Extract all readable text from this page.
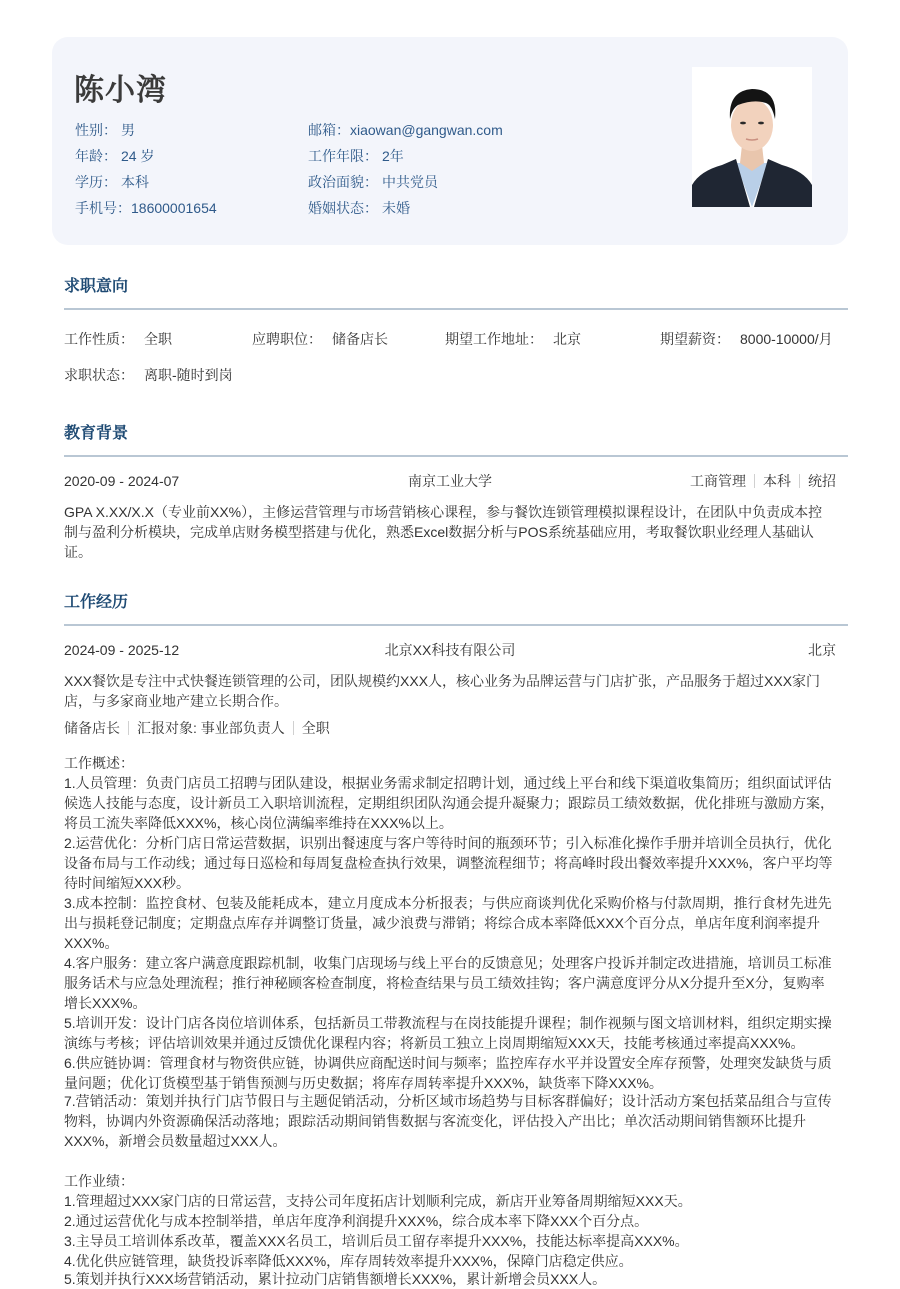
陈小湾
性别： 男
年龄： 24 岁
学历： 本科
手机号：18600001654
邮箱：xiaowan@gangwan.com
工作年限： 2年
政治面貌： 中共党员
婚姻状态： 未婚
求职意向
工作性质： 全职	应聘职位： 储备店长	期望工作地址： 北京	期望薪资： 8000-10000/月
求职状态： 离职-随时到岗
教育背景
南京工业大学
2020-09 - 2024-07	工商管理 本科 统招
GPA X.XX/X.X（专业前XX%），主修运营管理与市场营销核心课程，参与餐饮连锁管理模拟课程设计，在团队中负责成本控制与盈利分析模块，完成单店财务模型搭建与优化，熟悉Excel数据分析与POS系统基础应用，考取餐饮职业经理人基础认证。
工作经历
北京XX科技有限公司
2024-09 - 2025-12	北京
XXX餐饮是专注中式快餐连锁管理的公司，团队规模约XXX人，核心业务为品牌运营与门店扩张，产品服务于超过XXX家门店，与多家商业地产建立长期合作。
储备店长 汇报对象: 事业部负责人 全职
工作概述：
1.人员管理：负责门店员工招聘与团队建设，根据业务需求制定招聘计划，通过线上平台和线下渠道收集简历；组织面试评估候选人技能与态度，设计新员工入职培训流程，定期组织团队沟通会提升凝聚力；跟踪员工绩效数据，优化排班与激励方案，将员工流失率降低XXX%，核心岗位满编率维持在XXX%以上。
2.运营优化：分析门店日常运营数据，识别出餐速度与客户等待时间的瓶颈环节；引入标准化操作手册并培训全员执行，优化设备布局与工作动线；通过每日巡检和每周复盘检查执行效果，调整流程细节；将高峰时段出餐效率提升XXX%，客户平均等待时间缩短XXX秒。
3.成本控制：监控食材、包装及能耗成本，建立月度成本分析报表；与供应商谈判优化采购价格与付款周期，推行食材先进先出与损耗登记制度；定期盘点库存并调整订货量，减少浪费与滞销；将综合成本率降低XXX个百分点，单店年度利润率提升XXX%。
4.客户服务：建立客户满意度跟踪机制，收集门店现场与线上平台的反馈意见；处理客户投诉并制定改进措施，培训员工标准服务话术与应急处理流程；推行神秘顾客检查制度，将检查结果与员工绩效挂钩；客户满意度评分从X分提升至X分，复购率增长XXX%。
5.培训开发：设计门店各岗位培训体系，包括新员工带教流程与在岗技能提升课程；制作视频与图文培训材料，组织定期实操演练与考核；评估培训效果并通过反馈优化课程内容；将新员工独立上岗周期缩短XXX天，技能考核通过率提高XXX%。
6.供应链协调：管理食材与物资供应链，协调供应商配送时间与频率；监控库存水平并设置安全库存预警，处理突发缺货与质量问题；优化订货模型基于销售预测与历史数据；将库存周转率提升XXX%，缺货率下降XXX%。
7.营销活动：策划并执行门店节假日与主题促销活动，分析区域市场趋势与目标客群偏好；设计活动方案包括菜品组合与宣传物料，协调内外资源确保活动落地；跟踪活动期间销售数据与客流变化，评估投入产出比；单次活动期间销售额环比提升XXX%，新增会员数量超过XXX人。
工作业绩：
1.管理超过XXX家门店的日常运营，支持公司年度拓店计划顺利完成，新店开业筹备周期缩短XXX天。
2.通过运营优化与成本控制举措，单店年度净利润提升XXX%，综合成本率下降XXX个百分点。
3.主导员工培训体系改革，覆盖XXX名员工，培训后员工留存率提升XXX%，技能达标率提高XXX%。
4.优化供应链管理，缺货投诉率降低XXX%，库存周转效率提升XXX%，保障门店稳定供应。
5.策划并执行XXX场营销活动，累计拉动门店销售额增长XXX%，累计新增会员XXX人。
